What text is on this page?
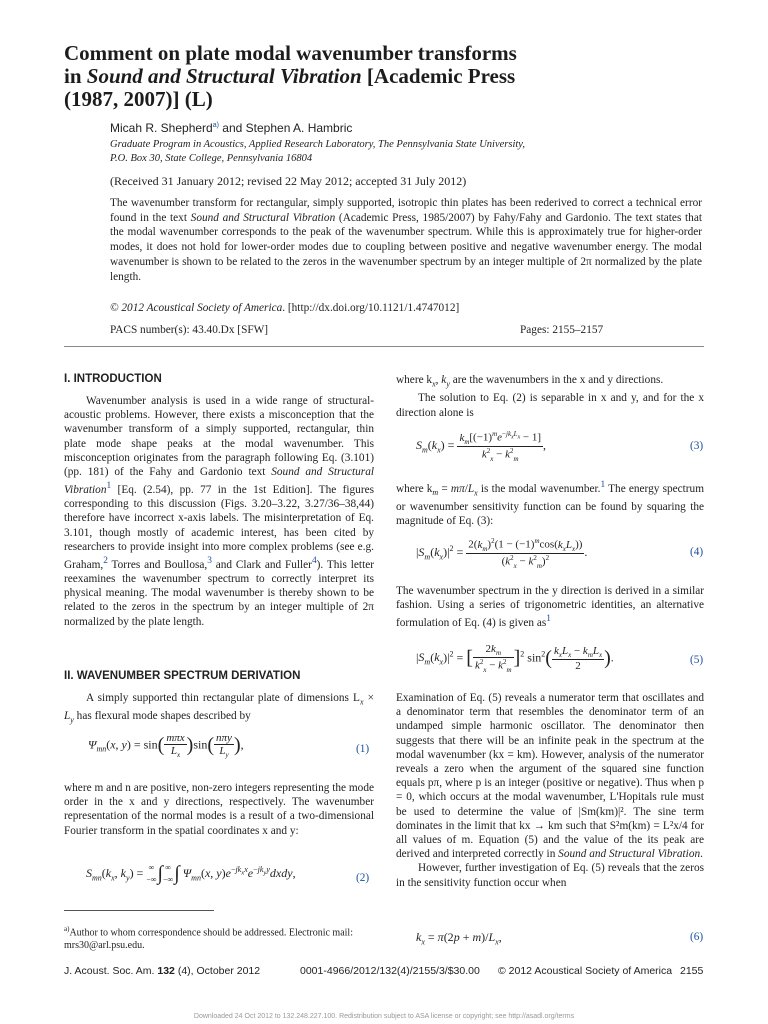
Comment on plate modal wavenumber transforms
in Sound and Structural Vibration [Academic Press
(1987, 2007)] (L)
Micah R. Shepherd$^{a)}$ and Stephen A. Hambric
Graduate Program in Acoustics, Applied Research Laboratory, The Pennsylvania State University,
P.O. Box 30, State College, Pennsylvania 16804
(Received 31 January 2012; revised 22 May 2012; accepted 31 July 2012)

The wavenumber transform for rectangular, simply supported, isotropic thin plates has been rederived to correct a technical error found in the text Sound and Structural Vibration (Academic Press, 1985/2007) by Fahy/Fahy and Gardonio. The text states that the modal wavenumber corresponds to the peak of the wavenumber spectrum. While this is approximately true for higher-order modes, it does not hold for lower-order modes due to coupling between positive and negative wavenumber energy. The modal wavenumber is shown to be related to the zeros in the wavenumber spectrum by an integer multiple of 2π normalized by the plate length.

© 2012 Acoustical Society of America. [http://dx.doi.org/10.1121/1.4747012]
PACS number(s): 43.40.Dx [SFW]	Pages: 2155–2157
I. INTRODUCTION

Wavenumber analysis is used in a wide range of structural-acoustic problems. However, there exists a misconception that the wavenumber transform of a simply supported, rectangular, thin plate mode shape peaks at the modal wavenumber. This misconception originates from the paragraph following Eq. (3.101) (pp. 181) of the Fahy and Gardonio text Sound and Structural Vibration$^1$ [Eq. (2.54), pp. 77 in the 1st Edition]. The figures corresponding to this discussion (Figs. 3.20–3.22, 3.27/36–38,44) therefore have incorrect x-axis labels. The misinterpretation of Eq. 3.101, though mostly of academic interest, has been cited by researchers to provide insight into more complex problems (see e.g. Graham,$^2$ Torres and Boullosa,$^3$ and Clark and Fuller$^4$). This letter reexamines the wavenumber spectrum to correctly interpret its physical meaning. The modal wavenumber is thereby shown to be related to the zeros in the spectrum by an integer multiple of 2π normalized by the plate length.

II. WAVENUMBER SPECTRUM DERIVATION

A simply supported thin rectangular plate of dimensions $L_x \times L_y$ has flexural mode shapes described by

$\Psi_{mn}(x$, $y) = \sin( \frac{\text{mπx}}{L_x} )\sin( \frac{\text{nπy}}{L_y}$ ),	(1)

where m and n are positive, non-zero integers representing the mode order in the x and y directions, respectively. The wavenumber representation of the normal modes is a result of a two-dimensional Fourier transform in the spatial coordinates x and y:

$S_{mn}(k_x$, $k_y$) = ∞
−∞∫ ∞
−∞∫ $\Psi_{mn}(x$, $y)e^{-jk_xx}e^{-jk_yy}dxdy$,	(2)
$^{a)}$Author to whom correspondence should be addressed. Electronic mail: mrs30@arl.psu.edu.

where $k_x$, $k_y$ are the wavenumbers in the x and y directions.

The solution to Eq. (2) is separable in x and y, and for the x direction alone is

$S_m(k_x) = \frac{k_m[(-1)^me^{-jk_xL_x} - 1]}{k^2_x - k^2_m}$ ,	(3)

where $k_m = m\pi/L_x$ is the modal wavenumber.$^1$ The energy spectrum or wavenumber sensitivity function can be found by squaring the magnitude of Eq. (3):

$|S_m(k_x)|^2 = \frac{2(k_m)^2(1 - (-1)^m\cos(k_xL_x))}{(k^2_x - k^2_m)^2}$ .	(4)

The wavenumber spectrum in the y direction is derived in a similar fashion. Using a series of trigonometric identities, an alternative formulation of Eq. (4) is given $as^1$

$|S_m(k_x)|^2$ = [ $\frac{2k_m}{k^2_x - k^2_m} ]^2$ $\sin^2( \frac{k_xL_x - k_mL_x}{2}$ ).	(5)

Examination of Eq. (5) reveals a numerator term that oscillates and a denominator term that resembles the denominator term of an undamped simple harmonic oscillator. The denominator then suggests that there will be an infinite peak in the spectrum at the modal wavenumber (kx = km). However, analysis of the numerator reveals a zero when the argument of the squared sine function equals pπ, where p is an integer (positive or negative). Thus when p = 0, which occurs at the modal wavenumber, L'Hopitals rule must be used to determine the value of |Sm(km)|². The sine term dominates in the limit that kx → km such that S²m(km) = L²x/4 for all values of m. Equation (5) and the value of the its peak are derived and interpreted correctly in Sound and Structural Vibration.

However, further investigation of Eq. (5) reveals that the zeros in the sensitivity function occur when

$k_x = \pi(2p + m)/L_x$,	(6)
J. Acoust. Soc. Am. 132 (4), October 2012	0001-4966/2012/132(4)/2155/3/$30.00 © 2012 Acoustical Society of America 2155
Downloaded 24 Oct 2012 to 132.248.227.100. Redistribution subject to ASA license or copyright; see http://asadl.org/terms
